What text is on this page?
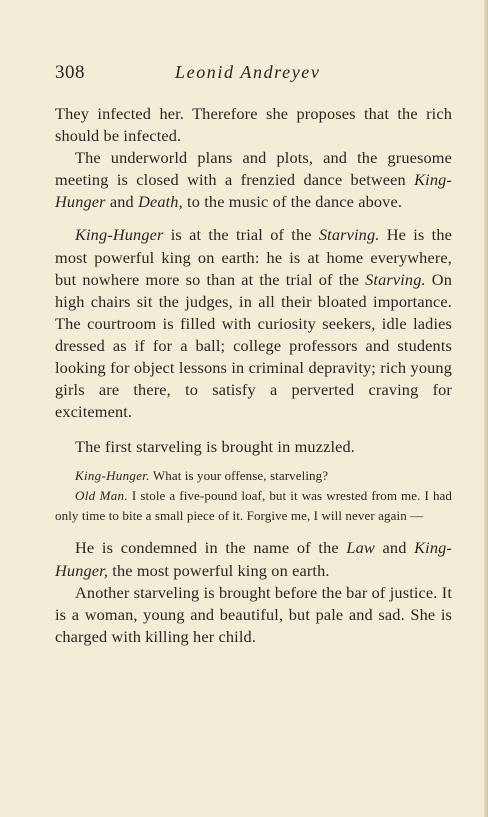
308	Leonid Andreyev

They infected her. Therefore she proposes that the rich should be infected.

The underworld plans and plots, and the gruesome meeting is closed with a frenzied dance between King-Hunger and Death, to the music of the dance above.

King-Hunger is at the trial of the Starving. He is the most powerful king on earth: he is at home everywhere, but nowhere more so than at the trial of the Starving. On high chairs sit the judges, in all their bloated importance. The courtroom is filled with curiosity seekers, idle ladies dressed as if for a ball; college professors and students looking for object lessons in criminal depravity; rich young girls are there, to satisfy a perverted craving for excitement.

The first starveling is brought in muzzled.

King-Hunger. What is your offense, starveling?

Old Man. I stole a five-pound loaf, but it was wrested from me. I had only time to bite a small piece of it. Forgive me, I will never again —

He is condemned in the name of the Law and King-Hunger, the most powerful king on earth.

Another starveling is brought before the bar of justice. It is a woman, young and beautiful, but pale and sad. She is charged with killing her child.
